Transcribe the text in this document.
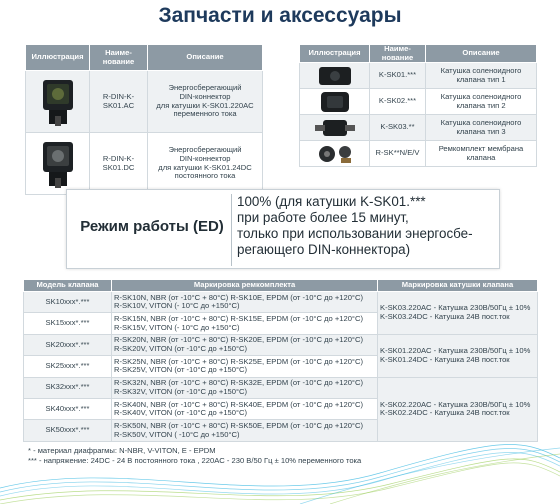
Запчасти и аксессуары
Иллюстрация	Наиме-
нование	Описание

	R-DIN-K-
SK01.AC	Энергосберегающий
DIN-коннектор
для катушки K-SK01.220AC
переменного тока

	R-DIN-K-
SK01.DC	Энергосберегающий
DIN-коннектор
для катушки K-SK01.24DC
постоянного тока
Иллюстрация	Наиме-
нование	Описание

	K-SK01.***	Катушка соленоидного
клапана тип 1

	K-SK02.***	Катушка соленоидного
клапана тип 2

	K-SK03.**	Катушка соленоидного
клапана тип 3

	R-SK**N/E/V	Ремкомплект мембрана
клапана
Режим работы (ED)
100% (для катушки K-SK01.***
при работе более 15 минут,
только при использовании энергосбе-
регающего DIN-коннектора)
Модель клапана	Маркировка ремкомплекта	Маркировка катушки клапана
SK10xxx*.***	R-SK10N, NBR (от -10°C + 80°C) R-SK10E, EPDM (от -10°C до +120°C)
R-SK10V, VITON (- 10°C до +150°C)	K-SK03.220AC - Катушка 230В/50Гц ± 10%
K-SK03.24DC - Катушка 24В пост.ток
SK15xxx*.***	R-SK15N, NBR (от -10°C + 80°C) R-SK15E, EPDM (от -10°C до +120°C)
R-SK15V, VITON (- 10°C до +150°C)	
SK20xxx*.***	R-SK20N, NBR (от -10°C + 80°C) R-SK20E, EPDM (от -10°C до +120°C)
R-SK20V, VITON (от -10°C до +150°C)	K-SK01.220AC - Катушка 230В/50Гц ± 10%
K-SK01.24DC - Катушка 24В пост.ток
SK25xxx*.***	R-SK25N, NBR (от -10°C + 80°C) R-SK25E, EPDM (от -10°C до +120°C)
R-SK25V, VITON (от -10°C до +150°C)	
SK32xxx*.***	R-SK32N, NBR (от -10°C + 80°C) R-SK32E, EPDM (от -10°C до +120°C)
R-SK32V, VITON (от -10°C до +150°C)	K-SK02.220AC - Катушка 230В/50Гц ± 10%
K-SK02.24DC - Катушка 24В пост.ток
SK40xxx*.***	R-SK40N, NBR (от -10°C + 80°C) R-SK40E, EPDM (от -10°C до +120°C)
R-SK40V, VITON (от -10°C до +150°C)	
SK50xxx*.***	R-SK50N, NBR (от -10°C + 80°C) R-SK50E, EPDM (от -10°C до +120°C)
R-SK50V, VITON ( -10°C до +150°C)	
* - материал диафрагмы: N-NBR, V-VITON, E - EPDM
*** - напряжение: 24DC - 24 В постоянного тока , 220AC - 230 В/50 Гц ± 10% переменного тока
